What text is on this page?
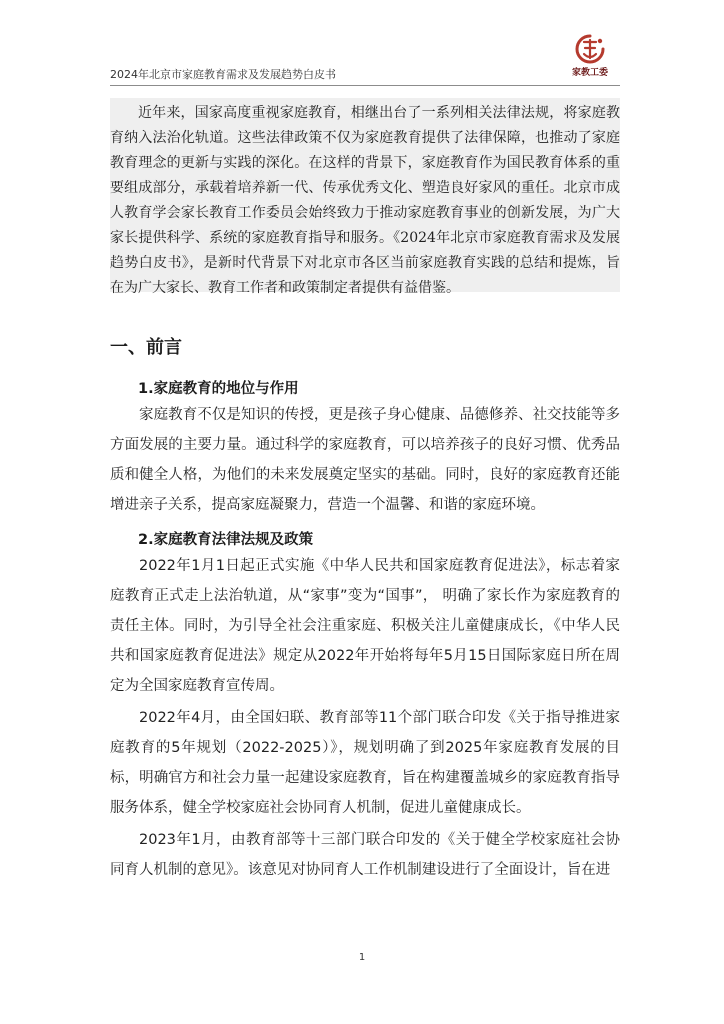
2024年北京市家庭教育需求及发展趋势白皮书	家教工委

近年来，国家高度重视家庭教育，相继出台了一系列相关法律法规，将家庭教育纳入法治化轨道。这些法律政策不仅为家庭教育提供了法律保障，也推动了家庭教育理念的更新与实践的深化。在这样的背景下，家庭教育作为国民教育体系的重要组成部分，承载着培养新一代、传承优秀文化、塑造良好家风的重任。北京市成人教育学会家长教育工作委员会始终致力于推动家庭教育事业的创新发展，为广大家长提供科学、系统的家庭教育指导和服务。《2024年北京市家庭教育需求及发展趋势白皮书》，是新时代背景下对北京市各区当前家庭教育实践的总结和提炼，旨在为广大家长、教育工作者和政策制定者提供有益借鉴。

一、前言
1.家庭教育的地位与作用

家庭教育不仅是知识的传授，更是孩子身心健康、品德修养、社交技能等多方面发展的主要力量。通过科学的家庭教育，可以培养孩子的良好习惯、优秀品质和健全人格，为他们的未来发展奠定坚实的基础。同时，良好的家庭教育还能增进亲子关系，提高家庭凝聚力，营造一个温馨、和谐的家庭环境。

2.家庭教育法律法规及政策

2022年1月1日起正式实施《中华人民共和国家庭教育促进法》，标志着家庭教育正式走上法治轨道，从“家事”变为“国事”， 明确了家长作为家庭教育的责任主体。同时，为引导全社会注重家庭、积极关注儿童健康成长，《中华人民共和国家庭教育促进法》规定从2022年开始将每年5月15日国际家庭日所在周定为全国家庭教育宣传周。

2022年4月，由全国妇联、教育部等11个部门联合印发《关于指导推进家庭教育的5年规划（2022-2025）》，规划明确了到2025年家庭教育发展的目标，明确官方和社会力量一起建设家庭教育，旨在构建覆盖城乡的家庭教育指导服务体系，健全学校家庭社会协同育人机制，促进儿童健康成长。

2023年1月，由教育部等十三部门联合印发的《关于健全学校家庭社会协同育人机制的意见》。该意见对协同育人工作机制建设进行了全面设计，旨在进

1
